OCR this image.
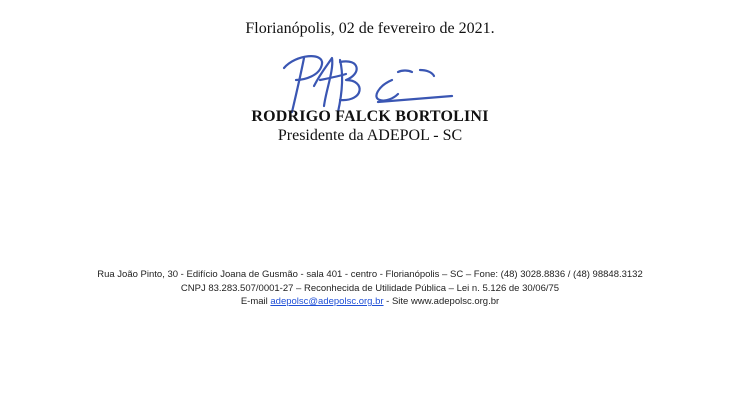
Florianópolis, 02 de fevereiro de 2021.
RODRIGO FALCK BORTOLINI
Presidente da ADEPOL - SC
Rua João Pinto, 30 - Edifício Joana de Gusmão - sala 401 - centro - Florianópolis – SC – Fone: (48) 3028.8836 / (48) 98848.3132
CNPJ 83.283.507/0001-27 – Reconhecida de Utilidade Pública – Lei n. 5.126 de 30/06/75
E-mail adepolsc@adepolsc.org.br - Site www.adepolsc.org.br
